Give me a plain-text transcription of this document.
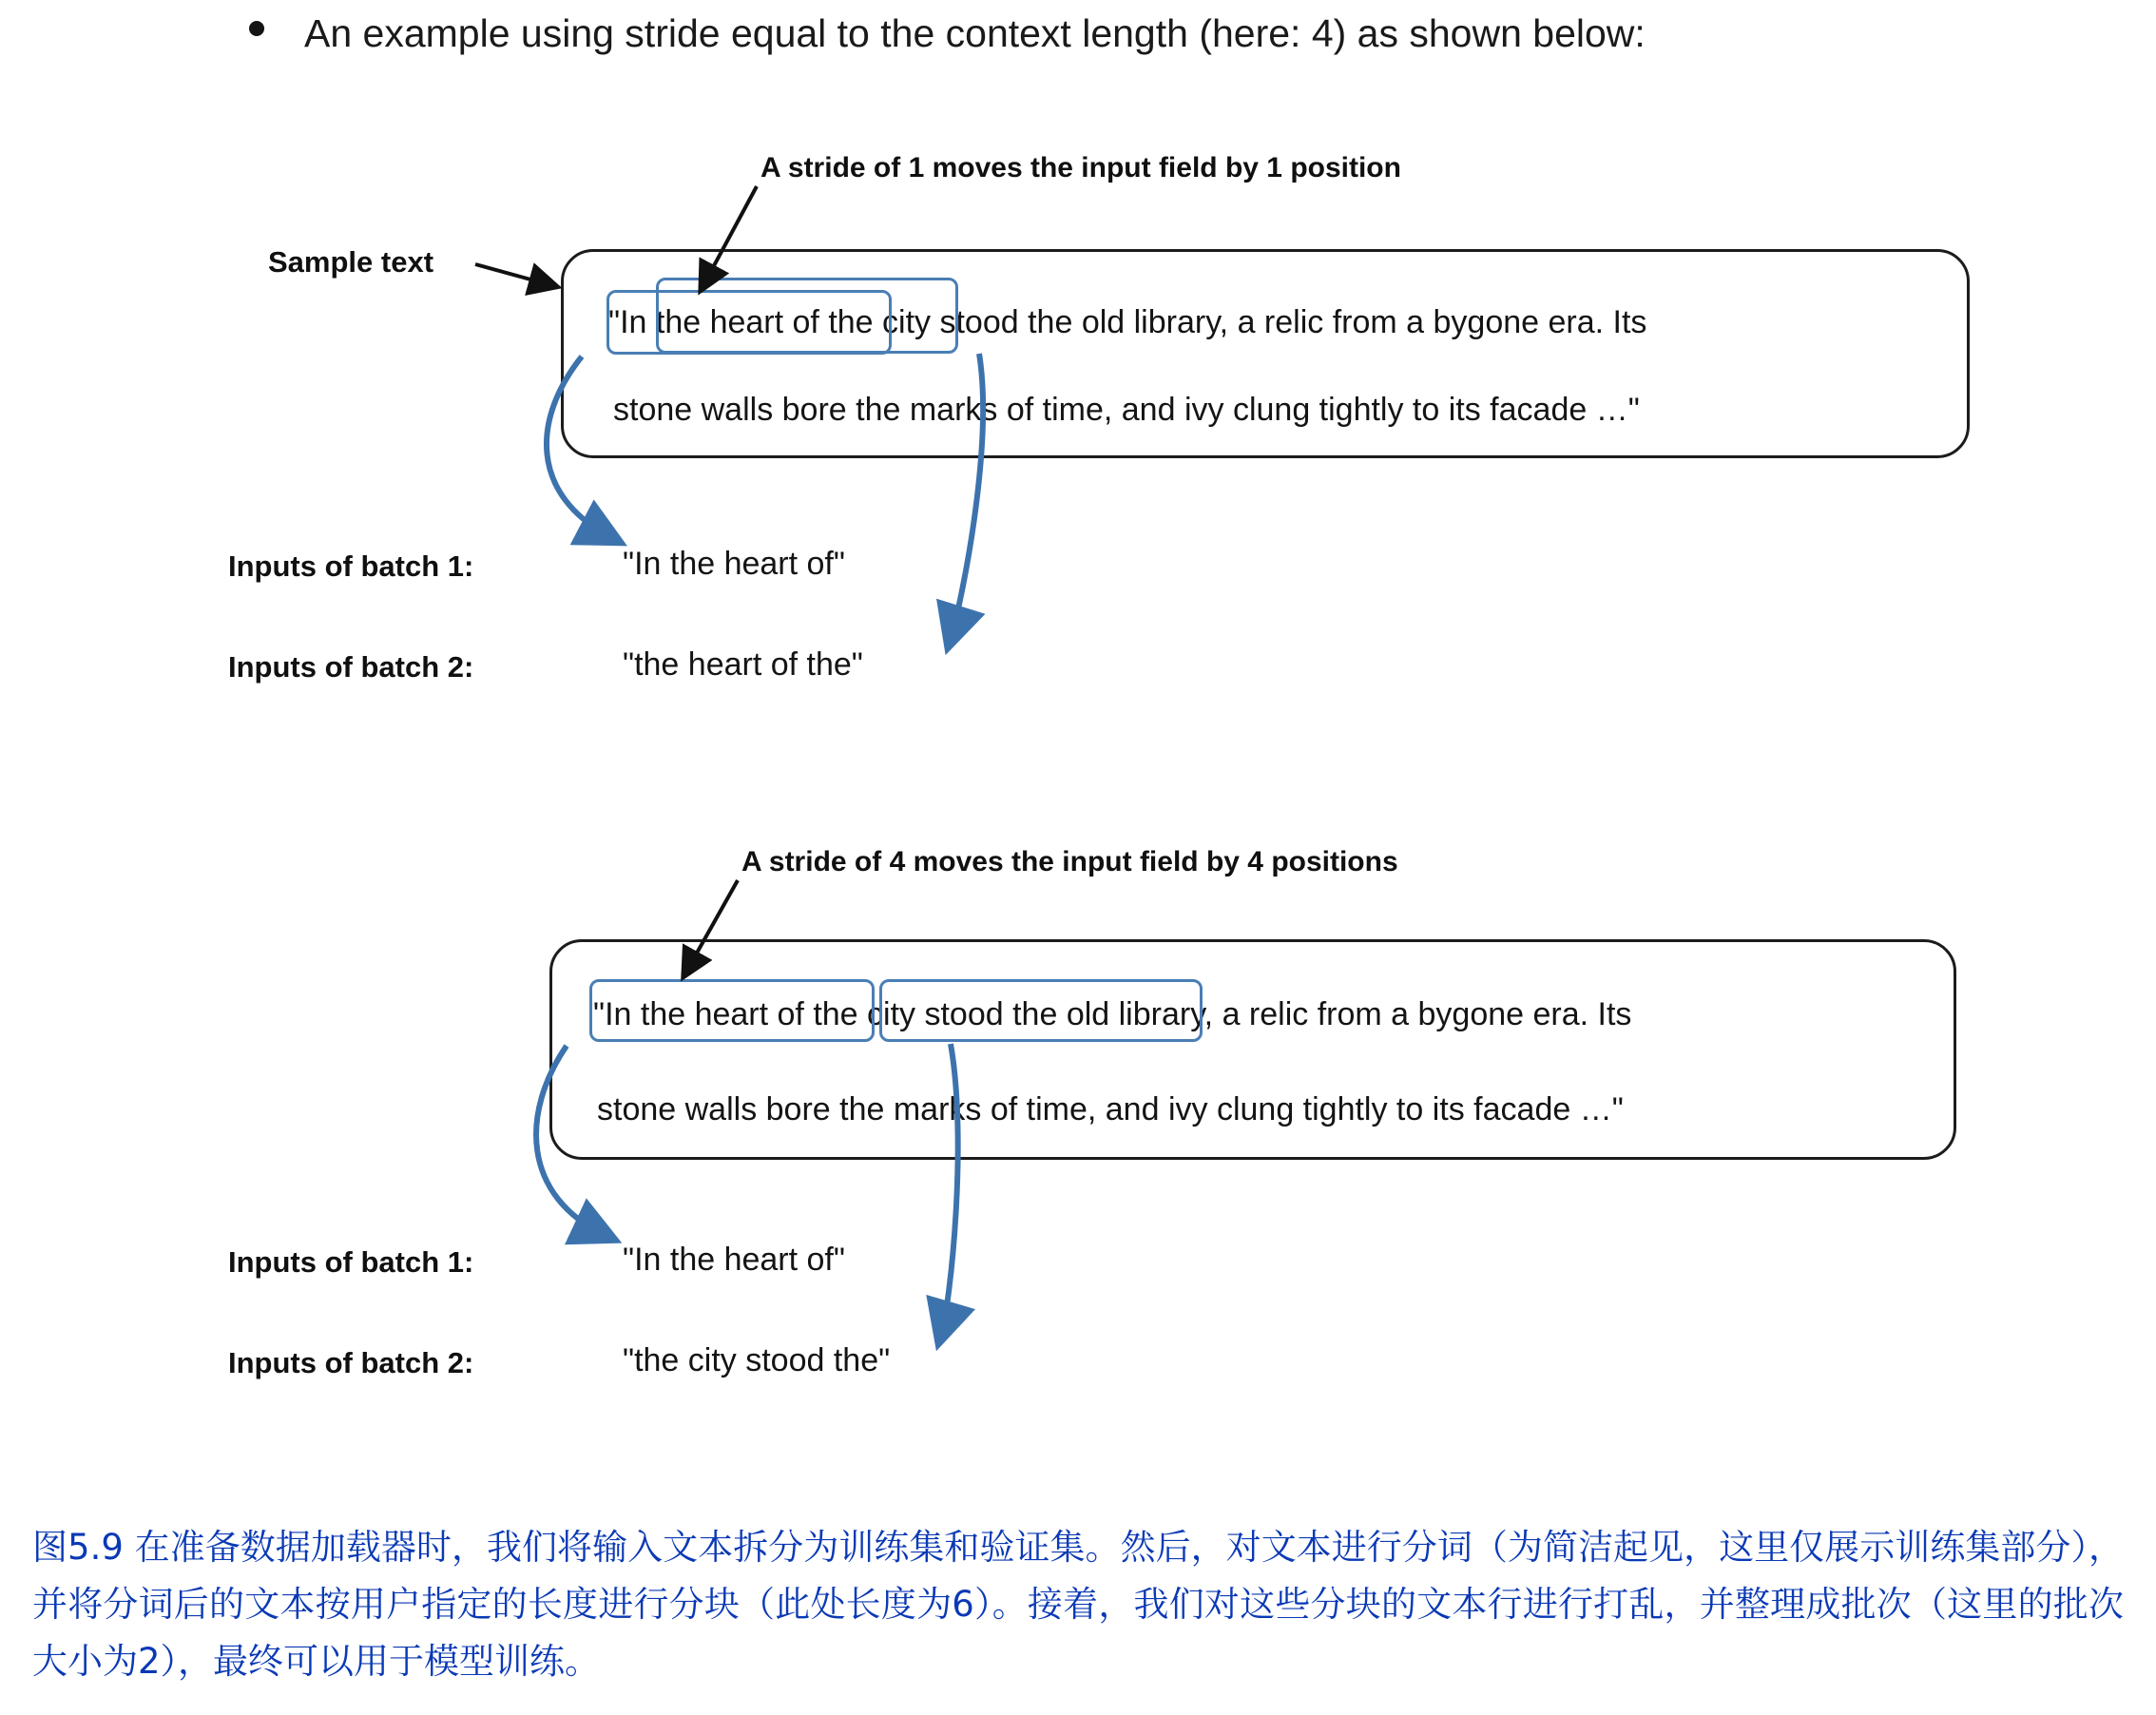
An example using stride equal to the context length (here: 4) as shown below:
A stride of 1 moves the input field by 1 position
Sample text
"In the heart of the city stood the old library, a relic from a bygone era. Its
stone walls bore the marks of time, and ivy clung tightly to its facade …"
Inputs of batch 1:	"In the heart of"
Inputs of batch 2:	"the heart of the"
A stride of 4 moves the input field by 4 positions
"In the heart of the city stood the old library, a relic from a bygone era. Its
stone walls bore the marks of time, and ivy clung tightly to its facade …"
Inputs of batch 1:	"In the heart of"
Inputs of batch 2:	"the city stood the"
图5.9 在准备数据加载器时，我们将输入文本拆分为训练集和验证集。然后，对文本进行分词（为简洁起见，这里仅展示训练集部分），并将分词后的文本按用户指定的长度进行分块（此处长度为6）。接着，我们对这些分块的文本行进行打乱，并整理成批次（这里的批次大小为2），最终可以用于模型训练。
